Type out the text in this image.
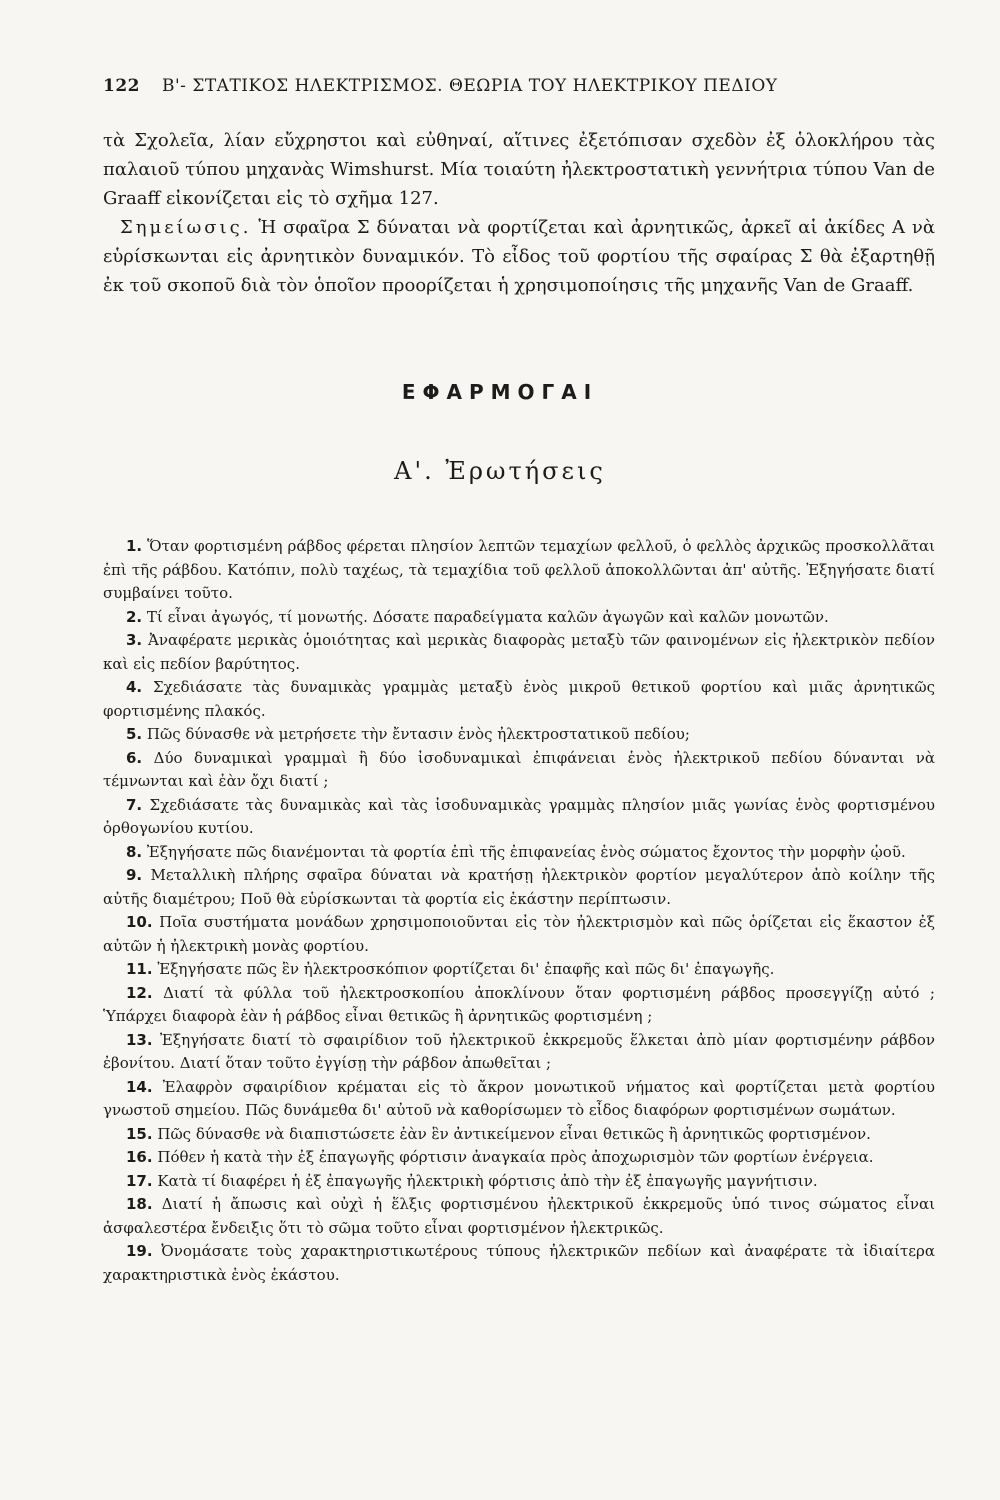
122 Β'- ΣΤΑΤΙΚΟΣ ΗΛΕΚΤΡΙΣΜΟΣ. ΘΕΩΡΙΑ ΤΟΥ ΗΛΕΚΤΡΙΚΟΥ ΠΕΔΙΟΥ

τὰ Σχολεῖα, λίαν εὔχρηστοι καὶ εὐθηναί, αἵτινες ἐξετόπισαν σχεδὸν ἐξ ὁλοκλήρου τὰς παλαιοῦ τύπου μηχανὰς Wimshurst. Μία τοιαύτη ἠλεκτροστατικὴ γεννήτρια τύπου Van de Graaff εἰκονίζεται εἰς τὸ σχῆμα 127.

Σημείωσις. Ἡ σφαῖρα Σ δύναται νὰ φορτίζεται καὶ ἀρνητικῶς, ἀρκεῖ αἱ ἀκίδες Α νὰ εὑρίσκωνται εἰς ἀρνητικὸν δυναμικόν. Τὸ εἶδος τοῦ φορτίου τῆς σφαίρας Σ θὰ ἐξαρτηθῇ ἐκ τοῦ σκοποῦ διὰ τὸν ὁποῖον προορίζεται ἡ χρησιμοποίησις τῆς μηχανῆς Van de Graaff.

ΕΦΑΡΜΟΓΑΙ
Α'. Ἐρωτήσεις

1. Ὅταν φορτισμένη ράβδος φέρεται πλησίον λεπτῶν τεμαχίων φελλοῦ, ὁ φελλὸς ἀρχικῶς προσκολλᾶται ἐπὶ τῆς ράβδου. Κατόπιν, πολὺ ταχέως, τὰ τεμαχίδια τοῦ φελλοῦ ἀποκολλῶνται ἀπ' αὐτῆς. Ἐξηγήσατε διατί συμβαίνει τοῦτο.

2. Τί εἶναι ἀγωγός, τί μονωτής. Δόσατε παραδείγματα καλῶν ἀγωγῶν καὶ καλῶν μονωτῶν.

3. Ἀναφέρατε μερικὰς ὁμοιότητας καὶ μερικὰς διαφορὰς μεταξὺ τῶν φαινομένων εἰς ἠλεκτρικὸν πεδίον καὶ εἰς πεδίον βαρύτητος.

4. Σχεδιάσατε τὰς δυναμικὰς γραμμὰς μεταξὺ ἑνὸς μικροῦ θετικοῦ φορτίου καὶ μιᾶς ἀρνητικῶς φορτισμένης πλακός.

5. Πῶς δύνασθε νὰ μετρήσετε τὴν ἔντασιν ἑνὸς ἠλεκτροστατικοῦ πεδίου;

6. Δύο δυναμικαὶ γραμμαὶ ἢ δύο ἰσοδυναμικαὶ ἐπιφάνειαι ἑνὸς ἠλεκτρικοῦ πεδίου δύνανται νὰ τέμνωνται καὶ ἐὰν ὄχι διατί ;

7. Σχεδιάσατε τὰς δυναμικὰς καὶ τὰς ἰσοδυναμικὰς γραμμὰς πλησίον μιᾶς γωνίας ἑνὸς φορτισμένου ὀρθογωνίου κυτίου.

8. Ἐξηγήσατε πῶς διανέμονται τὰ φορτία ἐπὶ τῆς ἐπιφανείας ἑνὸς σώματος ἔχοντος τὴν μορφὴν ᾠοῦ.

9. Μεταλλικὴ πλήρης σφαῖρα δύναται νὰ κρατήσῃ ἠλεκτρικὸν φορτίον μεγαλύτερον ἀπὸ κοίλην τῆς αὐτῆς διαμέτρου; Ποῦ θὰ εὑρίσκωνται τὰ φορτία εἰς ἑκάστην περίπτωσιν.

10. Ποῖα συστήματα μονάδων χρησιμοποιοῦνται εἰς τὸν ἠλεκτρισμὸν καὶ πῶς ὁρίζεται εἰς ἕκαστον ἐξ αὐτῶν ἡ ἠλεκτρικὴ μονὰς φορτίου.

11. Ἐξηγήσατε πῶς ἓν ἠλεκτροσκόπιον φορτίζεται δι' ἐπαφῆς καὶ πῶς δι' ἐπαγωγῆς.

12. Διατί τὰ φύλλα τοῦ ἠλεκτροσκοπίου ἀποκλίνουν ὅταν φορτισμένη ράβδος προσεγγίζῃ αὐτό ; Ὑπάρχει διαφορὰ ἐὰν ἡ ράβδος εἶναι θετικῶς ἢ ἀρνητικῶς φορτισμένη ;

13. Ἐξηγήσατε διατί τὸ σφαιρίδιον τοῦ ἠλεκτρικοῦ ἐκκρεμοῦς ἕλκεται ἀπὸ μίαν φορτισμένην ράβδον ἐβονίτου. Διατί ὅταν τοῦτο ἐγγίσῃ τὴν ράβδον ἀπωθεῖται ;

14. Ἐλαφρὸν σφαιρίδιον κρέμαται εἰς τὸ ἄκρον μονωτικοῦ νήματος καὶ φορτίζεται μετὰ φορτίου γνωστοῦ σημείου. Πῶς δυνάμεθα δι' αὐτοῦ νὰ καθορίσωμεν τὸ εἶδος διαφόρων φορτισμένων σωμάτων.

15. Πῶς δύνασθε νὰ διαπιστώσετε ἐὰν ἓν ἀντικείμενον εἶναι θετικῶς ἢ ἀρνητικῶς φορτισμένον.

16. Πόθεν ἡ κατὰ τὴν ἐξ ἐπαγωγῆς φόρτισιν ἀναγκαία πρὸς ἀποχωρισμὸν τῶν φορτίων ἐνέργεια.

17. Κατὰ τί διαφέρει ἡ ἐξ ἐπαγωγῆς ἠλεκτρικὴ φόρτισις ἀπὸ τὴν ἐξ ἐπαγωγῆς μαγνήτισιν.

18. Διατί ἡ ἄπωσις καὶ οὐχὶ ἡ ἕλξις φορτισμένου ἠλεκτρικοῦ ἐκκρεμοῦς ὑπό τινος σώματος εἶναι ἀσφαλεστέρα ἔνδειξις ὅτι τὸ σῶμα τοῦτο εἶναι φορτισμένον ἠλεκτρικῶς.

19. Ὀνομάσατε τοὺς χαρακτηριστικωτέρους τύπους ἠλεκτρικῶν πεδίων καὶ ἀναφέρατε τὰ ἰδιαίτερα χαρακτηριστικὰ ἑνὸς ἑκάστου.
